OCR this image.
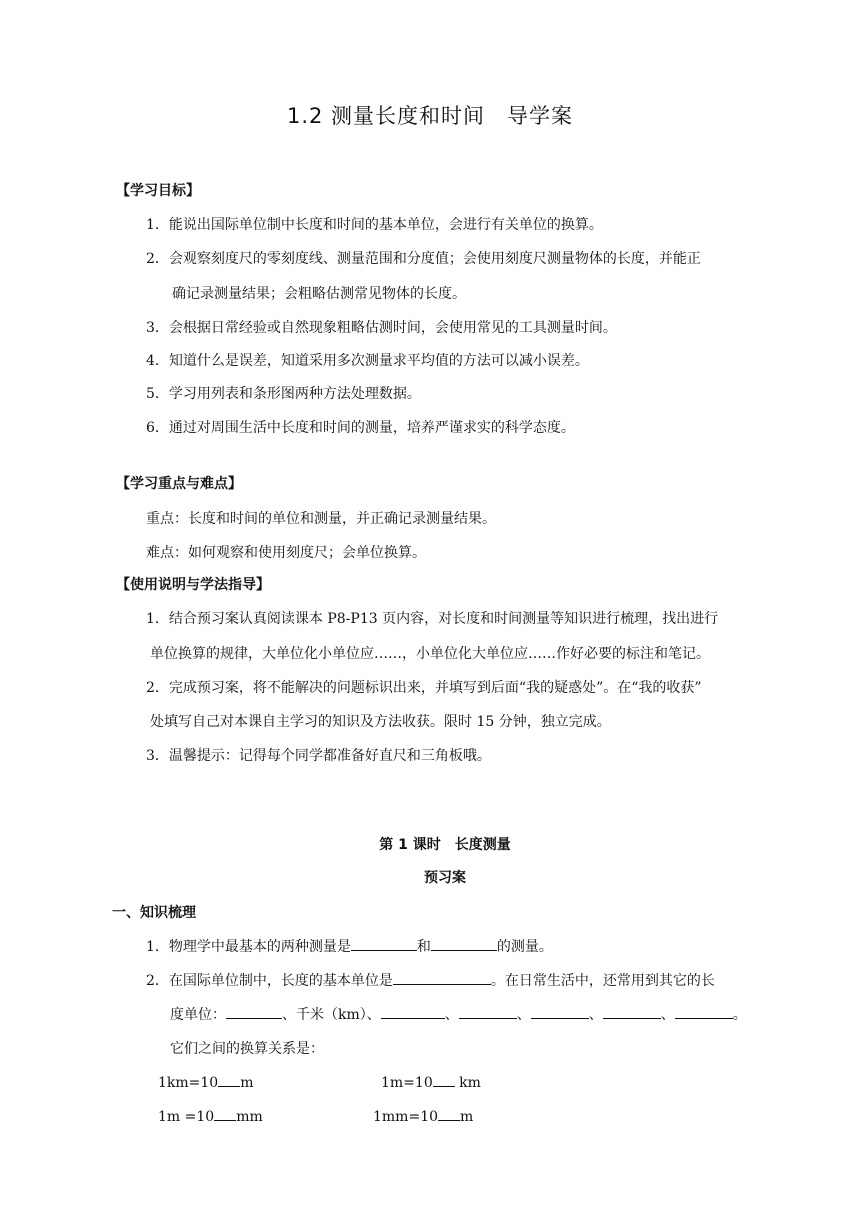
1.2 测量长度和时间　导学案

【学习目标】

1．能说出国际单位制中长度和时间的基本单位，会进行有关单位的换算。

2．会观察刻度尺的零刻度线、测量范围和分度值；会使用刻度尺测量物体的长度，并能正

确记录测量结果；会粗略估测常见物体的长度。

3．会根据日常经验或自然现象粗略估测时间，会使用常见的工具测量时间。

4．知道什么是误差，知道采用多次测量求平均值的方法可以减小误差。

5．学习用列表和条形图两种方法处理数据。

6．通过对周围生活中长度和时间的测量，培养严谨求实的科学态度。

【学习重点与难点】

重点：长度和时间的单位和测量，并正确记录测量结果。

难点：如何观察和使用刻度尺；会单位换算。

【使用说明与学法指导】

1．结合预习案认真阅读课本 P8-P13 页内容，对长度和时间测量等知识进行梳理，找出进行

单位换算的规律，大单位化小单位应……，小单位化大单位应……作好必要的标注和笔记。

2．完成预习案，将不能解决的问题标识出来，并填写到后面“我的疑惑处”。在“我的收获”

处填写自己对本课自主学习的知识及方法收获。限时 15 分钟，独立完成。

3．温馨提示：记得每个同学都准备好直尺和三角板哦。

第 1 课时　长度测量

预习案

一、知识梳理

1．物理学中最基本的两种测量是	和	的测量。

2．在国际单位制中，长度的基本单位是	。在日常生活中，还常用到其它的长

度单位：	、千米（km）、	、	、	、	、	。

它们之间的换算关系是：

1km=10 m	1m=10 km

1m =10 mm	1mm=10 m
